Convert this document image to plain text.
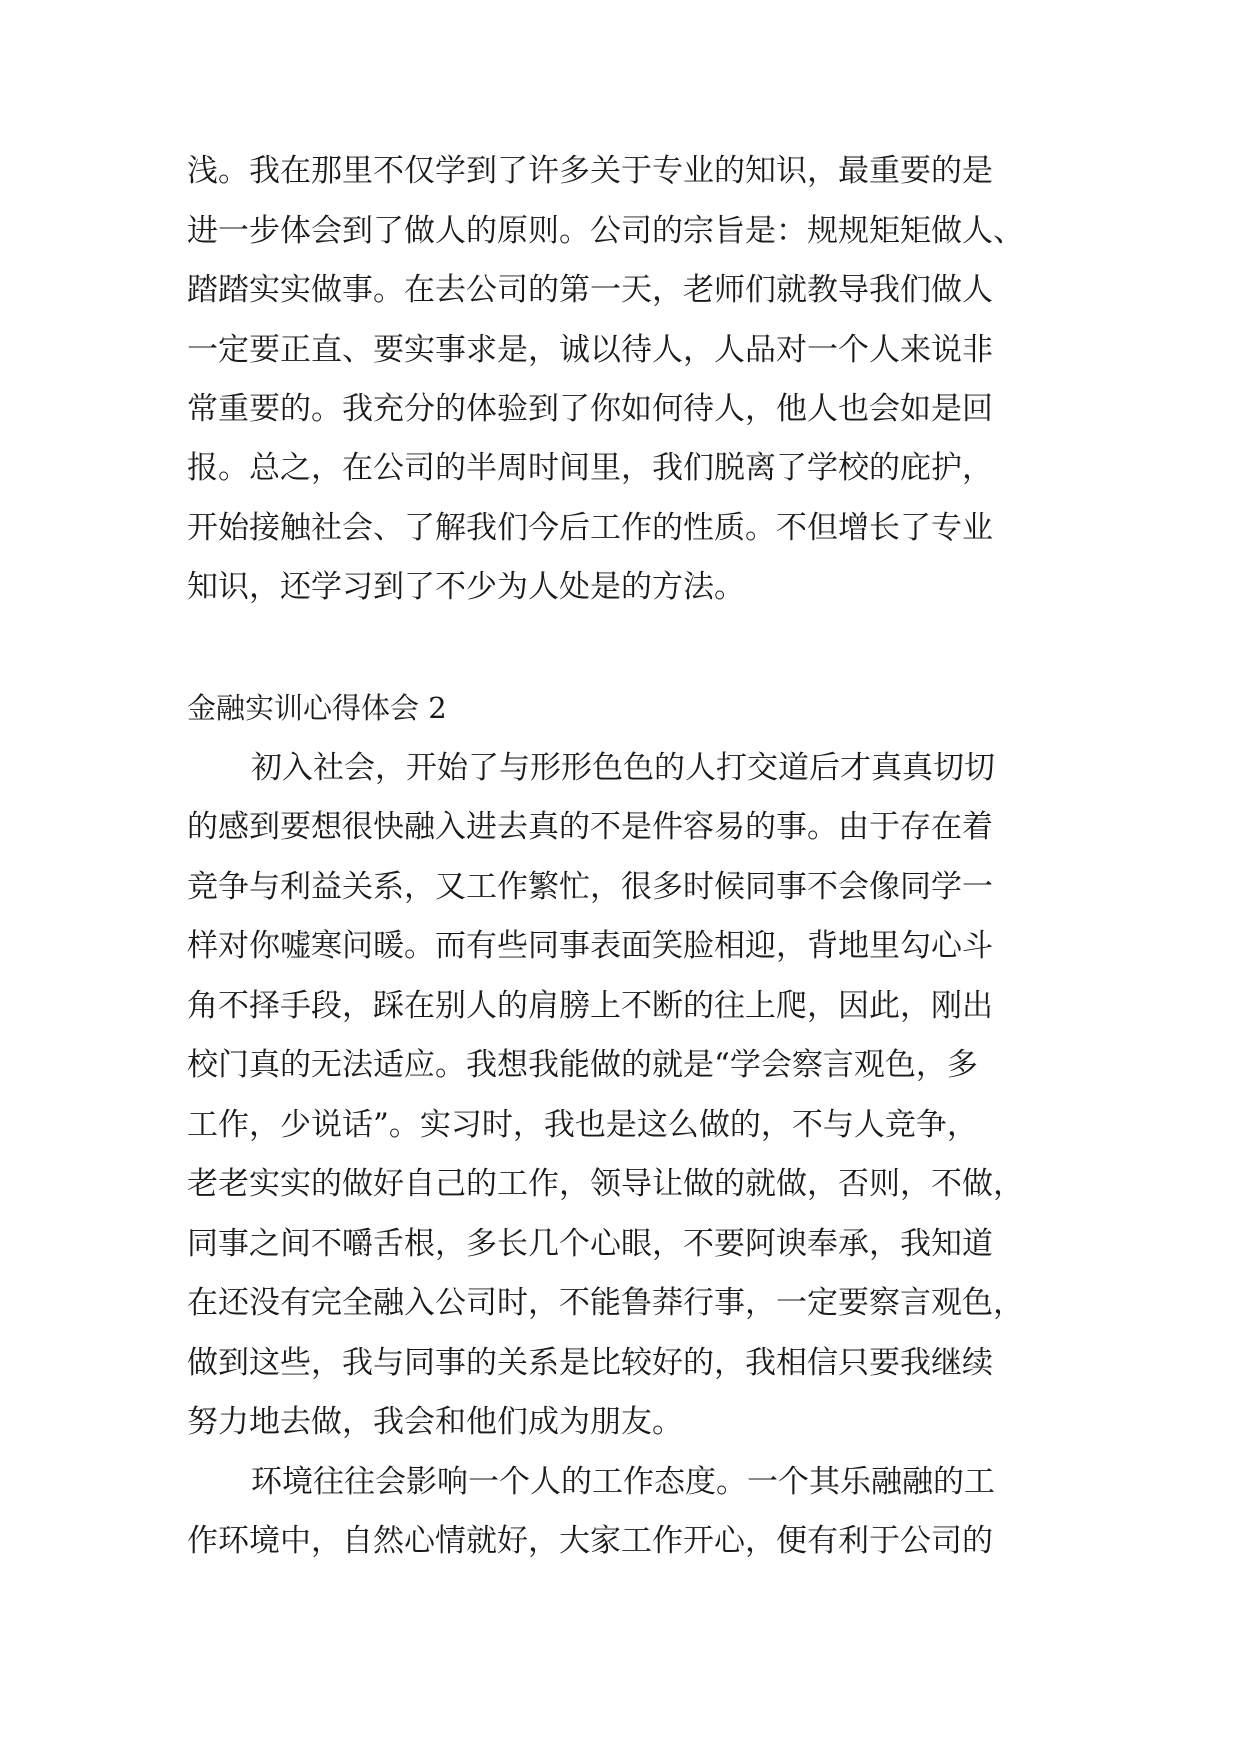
浅。我在那里不仅学到了许多关于专业的知识，最重要的是
进一步体会到了做人的原则。公司的宗旨是：规规矩矩做人、
踏踏实实做事。在去公司的第一天，老师们就教导我们做人
一定要正直、要实事求是，诚以待人，人品对一个人来说非
常重要的。我充分的体验到了你如何待人，他人也会如是回
报。总之，在公司的半周时间里，我们脱离了学校的庇护，
开始接触社会、了解我们今后工作的性质。不但增长了专业
知识，还学习到了不少为人处是的方法。
金融实训心得体会 2
初入社会，开始了与形形色色的人打交道后才真真切切
的感到要想很快融入进去真的不是件容易的事。由于存在着
竞争与利益关系，又工作繁忙，很多时候同事不会像同学一
样对你嘘寒问暖。而有些同事表面笑脸相迎，背地里勾心斗
角不择手段，踩在别人的肩膀上不断的往上爬，因此，刚出
校门真的无法适应。我想我能做的就是“学会察言观色，多
工作，少说话”。实习时，我也是这么做的，不与人竞争，
老老实实的做好自己的工作，领导让做的就做，否则，不做，
同事之间不嚼舌根，多长几个心眼，不要阿谀奉承，我知道
在还没有完全融入公司时，不能鲁莽行事，一定要察言观色，
做到这些，我与同事的关系是比较好的，我相信只要我继续
努力地去做，我会和他们成为朋友。
环境往往会影响一个人的工作态度。一个其乐融融的工
作环境中，自然心情就好，大家工作开心，便有利于公司的
